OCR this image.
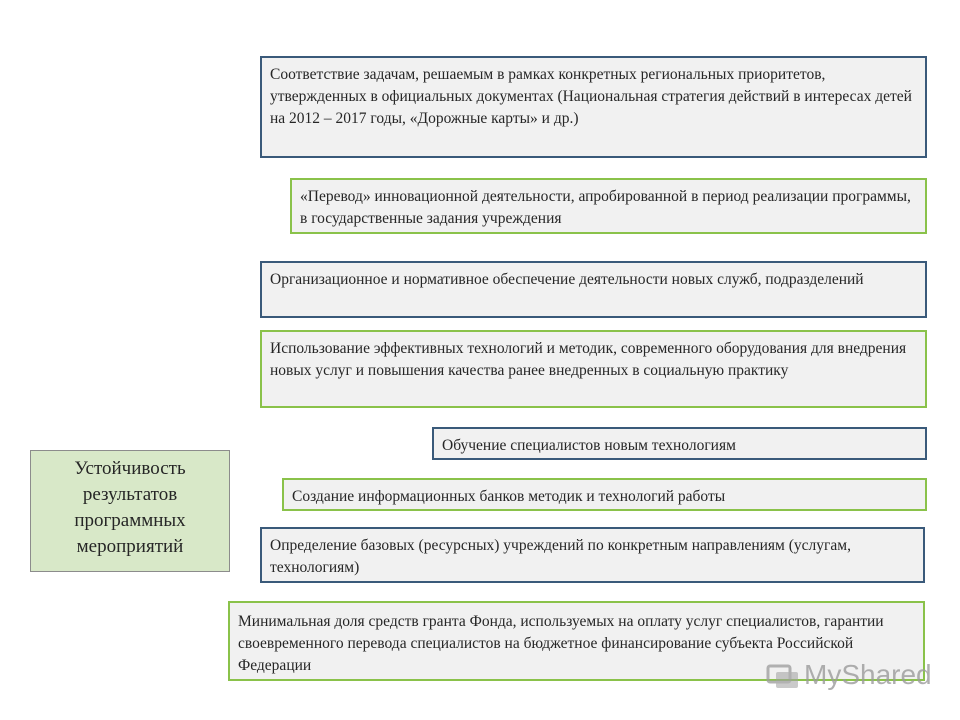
Устойчивость результатов программных мероприятий
Соответствие задачам, решаемым в рамках конкретных региональных приоритетов, утвержденных в официальных документах (Национальная стратегия действий в интересах детей на 2012 – 2017 годы, «Дорожные карты» и др.)
«Перевод» инновационной деятельности, апробированной в период реализации программы, в государственные задания учреждения
Организационное и нормативное обеспечение деятельности новых служб, подразделений
Использование эффективных технологий и методик, современного оборудования для внедрения новых услуг и повышения качества ранее внедренных в социальную практику
Обучение специалистов новым технологиям
Создание информационных банков методик и технологий работы
Определение базовых (ресурсных) учреждений по конкретным направлениям (услугам, технологиям)
Минимальная доля средств гранта Фонда, используемых на оплату услуг специалистов, гарантии своевременного перевода специалистов на бюджетное финансирование субъекта Российской Федерации	MyShared
